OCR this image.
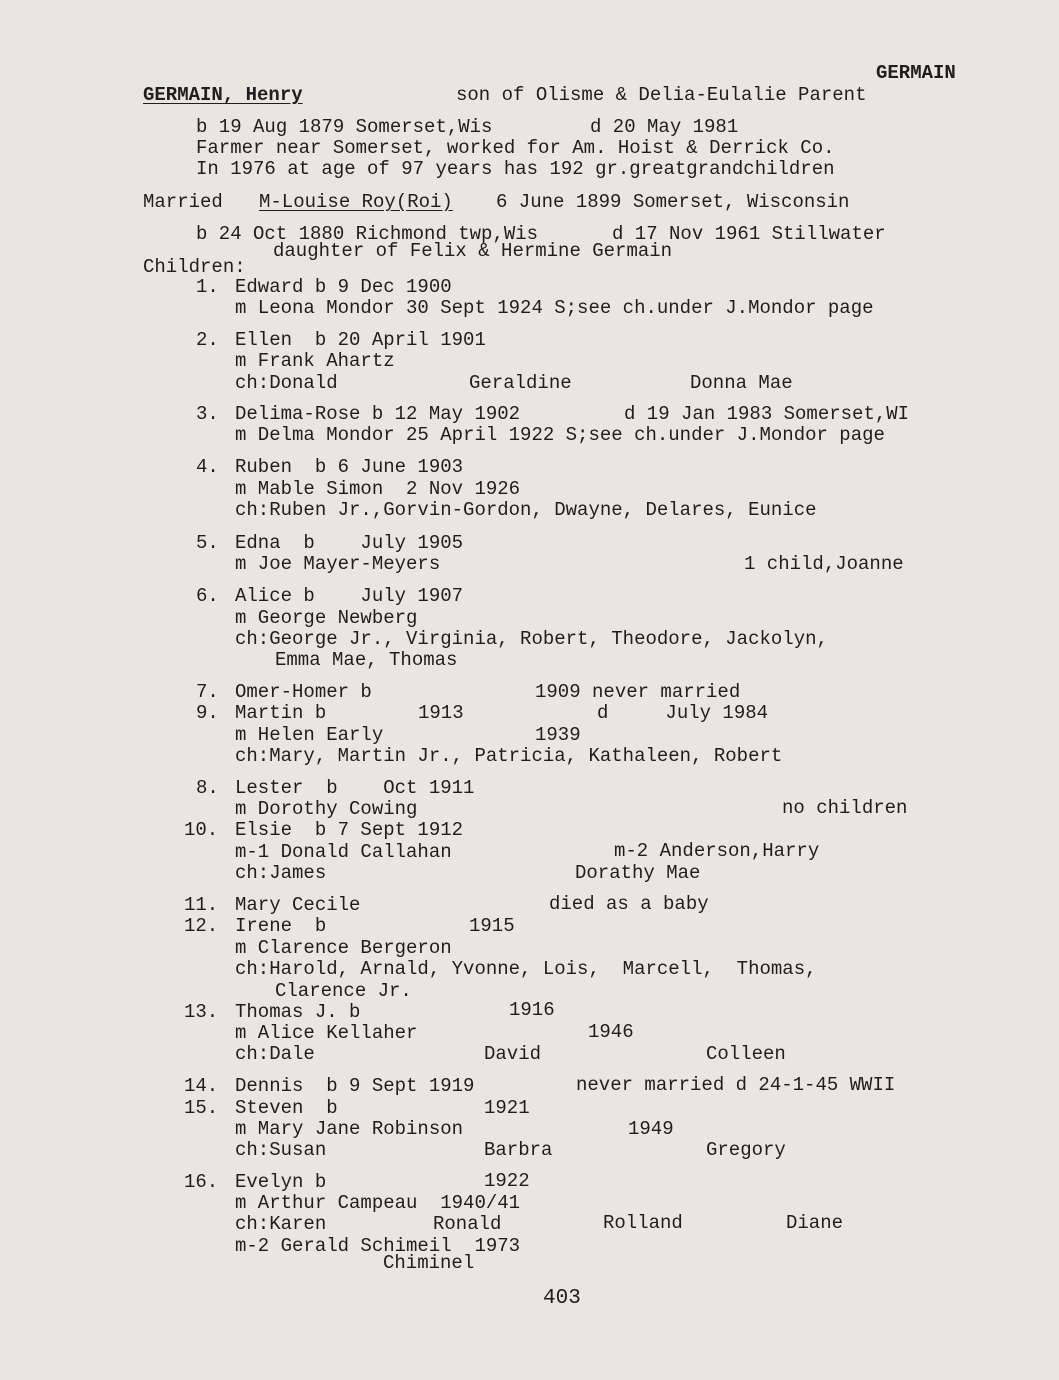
GERMAIN
GERMAIN, Henry	son of Olisme & Delia-Eulalie Parent
b 19 Aug 1879 Somerset,Wis	d 20 May 1981
Farmer near Somerset, worked for Am. Hoist & Derrick Co.
In 1976 at age of 97 years has 192 gr.greatgrandchildren
Married M-Louise Roy(Roi) 6 June 1899 Somerset, Wisconsin
b 24 Oct 1880 Richmond twp,Wis	d 17 Nov 1961 Stillwater
daughter of Felix & Hermine Germain
Children:
1. Edward b 9 Dec 1900
m Leona Mondor 30 Sept 1924 S;see ch.under J.Mondor page
2. Ellen  b 20 April 1901
m Frank Ahartz
ch:Donald	Geraldine	Donna Mae
3. Delima-Rose b 12 May 1902	d 19 Jan 1983 Somerset,WI
m Delma Mondor 25 April 1922 S;see ch.under J.Mondor page
4. Ruben  b 6 June 1903
m Mable Simon  2 Nov 1926
ch:Ruben Jr.,Gorvin-Gordon, Dwayne, Delares, Eunice
5. Edna  b    July 1905
m Joe Mayer-Meyers	1 child,Joanne
6. Alice b    July 1907
m George Newberg
ch:George Jr., Virginia, Robert, Theodore, Jackolyn,
Emma Mae, Thomas
7. Omer-Homer b	1909 never married
9. Martin b	1913	d     July 1984
m Helen Early	1939
ch:Mary, Martin Jr., Patricia, Kathaleen, Robert
8. Lester  b    Oct 1911
m Dorothy Cowing	no children
10. Elsie  b 7 Sept 1912
m-1 Donald Callahan	m-2 Anderson,Harry
ch:James	Dorathy Mae
11. Mary Cecile	died as a baby
12. Irene  b	1915
m Clarence Bergeron
ch:Harold, Arnald, Yvonne, Lois,  Marcell,  Thomas,
Clarence Jr.
13. Thomas J. b	1916
m Alice Kellaher	1946
ch:Dale	David	Colleen
14. Dennis  b 9 Sept 1919	never married d 24-1-45 WWII
15. Steven  b	1921
m Mary Jane Robinson	1949
ch:Susan	Barbra	Gregory
16. Evelyn b	1922
m Arthur Campeau  1940/41
ch:Karen	Ronald	Rolland	Diane
m-2 Gerald Schimeil  1973
Chiminel
403
